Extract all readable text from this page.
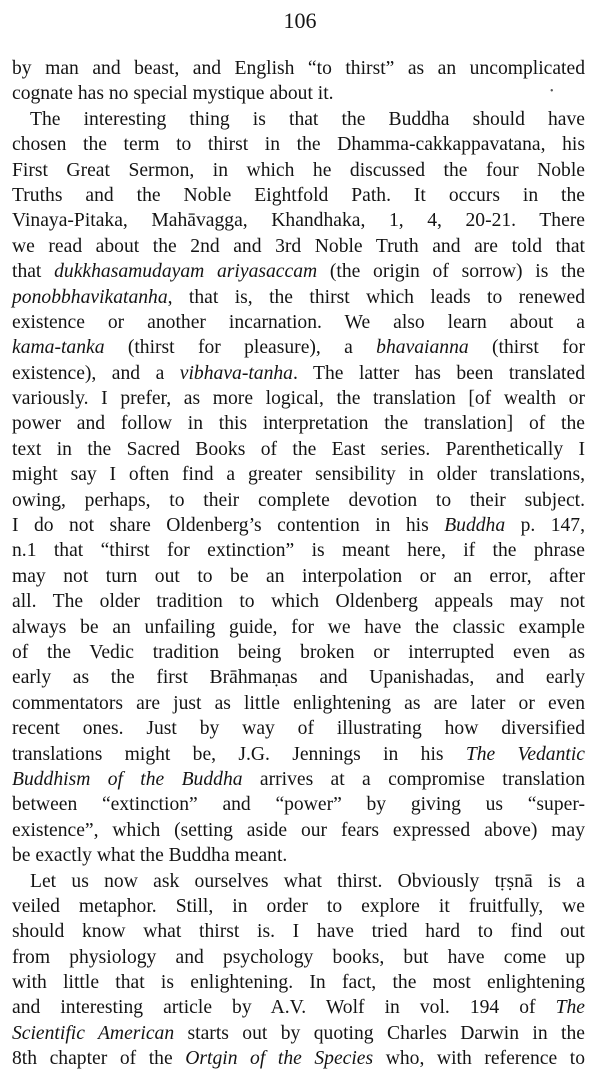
106
•
by man and beast, and English “to thirst” as an uncomplicated
cognate has no special mystique about it.
The interesting thing is that the Buddha should have
chosen the term to thirst in the Dhamma-cakkappavatana, his
First Great Sermon, in which he discussed the four Noble
Truths and the Noble Eightfold Path. It occurs in the
Vinaya-Pitaka, Mahāvagga, Khandhaka, 1, 4, 20-21. There
we read about the 2nd and 3rd Noble Truth and are told that
that dukkhasamudayam ariyasaccam (the origin of sorrow) is the
ponobbhavikatanha, that is, the thirst which leads to renewed
existence or another incarnation. We also learn about a
kama-tanka (thirst for pleasure), a bhavaianna (thirst for
existence), and a vibhava-tanha. The latter has been translated
variously. I prefer, as more logical, the translation [of wealth or
power and follow in this interpretation the translation] of the
text in the Sacred Books of the East series. Parenthetically I
might say I often find a greater sensibility in older translations,
owing, perhaps, to their complete devotion to their subject.
I do not share Oldenberg’s contention in his Buddha p. 147,
n.1 that “thirst for extinction” is meant here, if the phrase
may not turn out to be an interpolation or an error, after
all. The older tradition to which Oldenberg appeals may not
always be an unfailing guide, for we have the classic example
of the Vedic tradition being broken or interrupted even as
early as the first Brāhmaṇas and Upanishadas, and early
commentators are just as little enlightening as are later or even
recent ones. Just by way of illustrating how diversified
translations might be, J.G. Jennings in his The Vedantic
Buddhism of the Buddha arrives at a compromise translation
between “extinction” and “power” by giving us “super-
existence”, which (setting aside our fears expressed above) may
be exactly what the Buddha meant.
Let us now ask ourselves what thirst. Obviously tṛṣnā is a
veiled metaphor. Still, in order to explore it fruitfully, we
should know what thirst is. I have tried hard to find out
from physiology and psychology books, but have come up
with little that is enlightening. In fact, the most enlightening
and interesting article by A.V. Wolf in vol. 194 of The
Scientific American starts out by quoting Charles Darwin in the
8th chapter of the Ortgin of the Species who, with reference to
